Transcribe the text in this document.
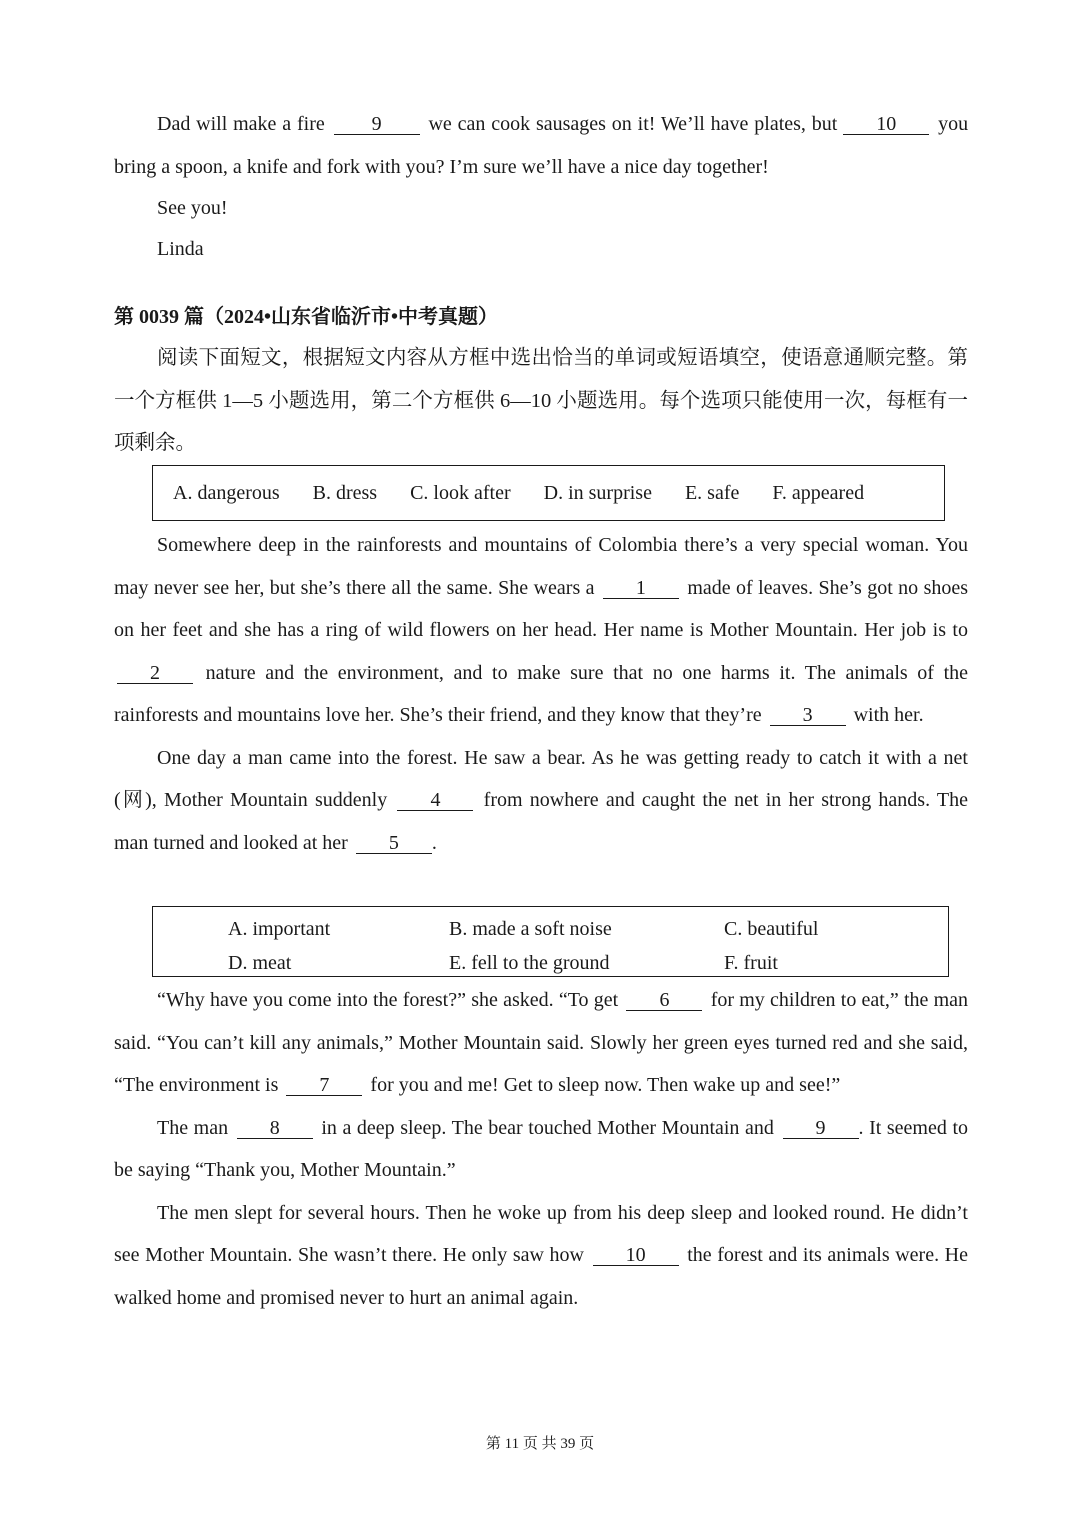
Dad will make a fire 9 we can cook sausages on it! We’ll have plates, but 10 you bring a spoon, a knife and fork with you? I’m sure we’ll have a nice day together!

See you!

Linda

第 0039 篇（2024•山东省临沂市•中考真题）

阅读下面短文，根据短文内容从方框中选出恰当的单词或短语填空，使语意通顺完整。第一个方框供 1—5 小题选用，第二个方框供 6—10 小题选用。每个选项只能使用一次，每框有一项剩余。

A. dangerous B. dress C. look after D. in surprise E. safe F. appeared

Somewhere deep in the rainforests and mountains of Colombia there’s a very special woman. You may never see her, but she’s there all the same. She wears a 1 made of leaves. She’s got no shoes on her feet and she has a ring of wild flowers on her head. Her name is Mother Mountain. Her job is to 2 nature and the environment, and to make sure that no one harms it. The animals of the rainforests and mountains love her. She’s their friend, and they know that they’re 3 with her.

One day a man came into the forest. He saw a bear. As he was getting ready to catch it with a net (网), Mother Mountain suddenly 4 from nowhere and caught the net in her strong hands. The man turned and looked at her 5 .

A. important	B. made a soft noise	C. beautiful
D. meat	E. fell to the ground	F. fruit

“Why have you come into the forest?” she asked. “To get 6 for my children to eat,” the man said. “You can’t kill any animals,” Mother Mountain said. Slowly her green eyes turned red and she said, “The environment is 7 for you and me! Get to sleep now. Then wake up and see!”

The man 8 in a deep sleep. The bear touched Mother Mountain and 9 . It seemed to be saying “Thank you, Mother Mountain.”

The men slept for several hours. Then he woke up from his deep sleep and looked round. He didn’t see Mother Mountain. She wasn’t there. He only saw how 10 the forest and its animals were. He walked home and promised never to hurt an animal again.

第 11 页 共 39 页
